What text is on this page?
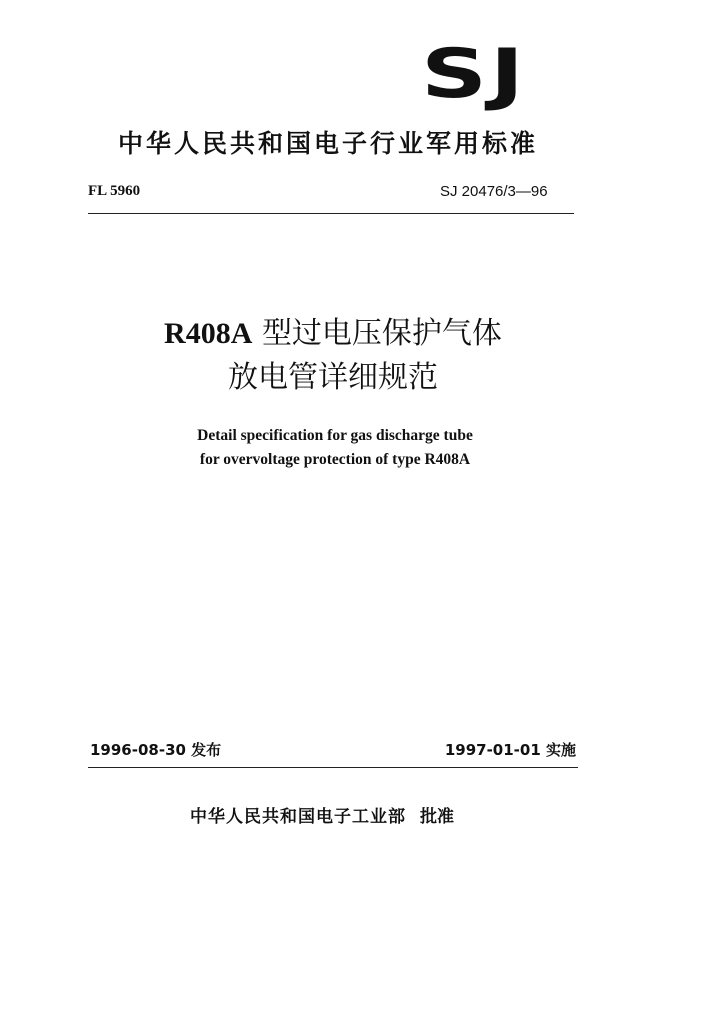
SJ
中华人民共和国电子行业军用标准
FL 5960	SJ 20476/3—96
R408A 型过电压保护气体
放电管详细规范
Detail specification for gas discharge tube
for overvoltage protection of type R408A
1996-08-30 发布	1997-01-01 实施
中华人民共和国电子工业部 批准
